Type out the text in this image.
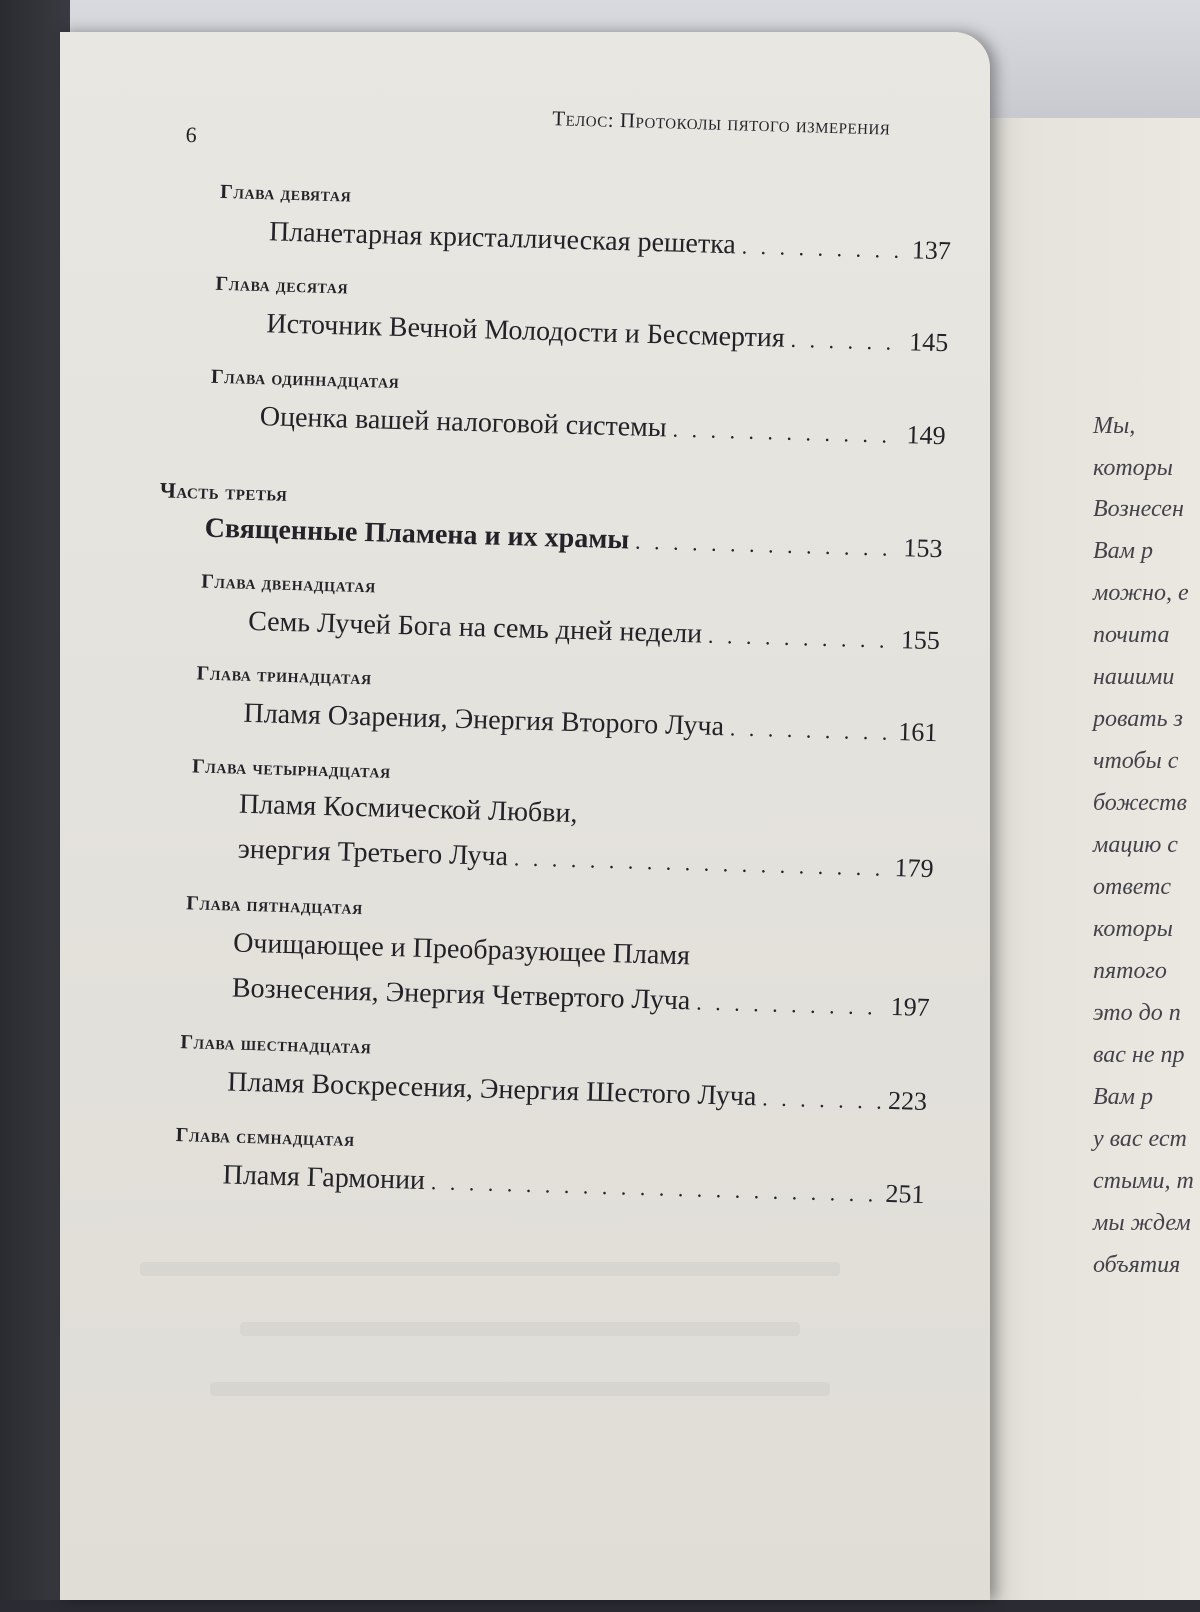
Мы,
которы
Вознесен
Вам р
можно, е
почита
нашими
ровать з
чтобы с
божеств
мацию с
ответс
которы
пятого
это до п
вас не пр
Вам р
у вас ест
стыми, т
мы ждем
объятия
6	Телос: Протоколы пятого измерения
Глава девятая
Планетарная кристаллическая решетка . . .	137
Глава десятая
Источник Вечной Молодости и Бессмертия . . .	145
Глава одиннадцатая
Оценка вашей налоговой системы . . .	149
Часть третья
Священные Пламена и их храмы . . .	153
Глава двенадцатая
Семь Лучей Бога на семь дней недели . . .	155
Глава тринадцатая
Пламя Озарения, Энергия Второго Луча . . .	161
Глава четырнадцатая
Пламя Космической Любви,
энергия Третьего Луча . . .	179
Глава пятнадцатая
Очищающее и Преобразующее Пламя
Вознесения, Энергия Четвертого Луча . . .	197
Глава шестнадцатая
Пламя Воскресения, Энергия Шестого Луча . . .	223
Глава семнадцатая
Пламя Гармонии . . .	251
